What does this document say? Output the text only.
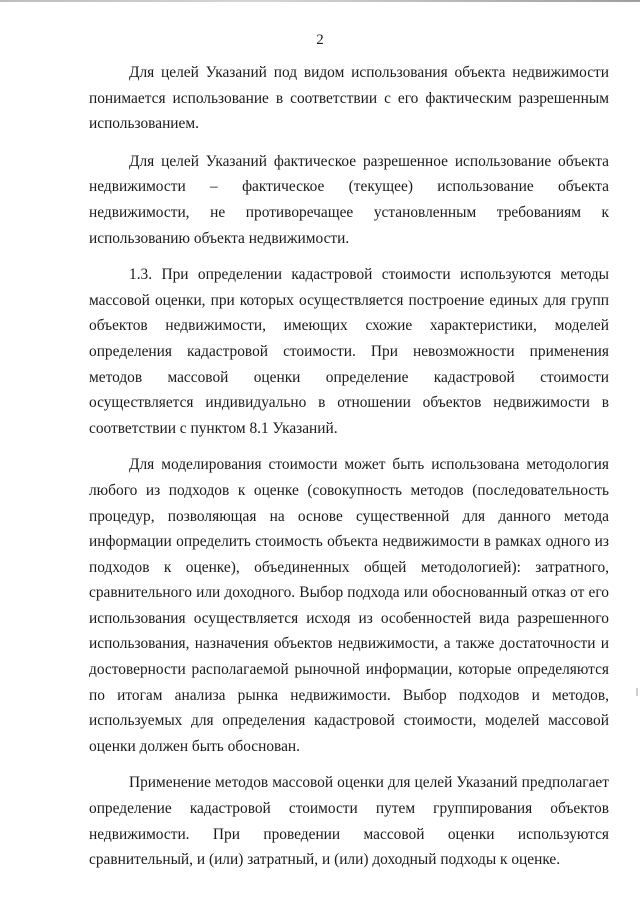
2

Для целей Указаний под видом использования объекта недвижимости понимается использование в соответствии с его фактическим разрешенным использованием.

Для целей Указаний фактическое разрешенное использование объекта недвижимости – фактическое (текущее) использование объекта недвижимости, не противоречащее установленным требованиям к использованию объекта недвижимости.

1.3. При определении кадастровой стоимости используются методы массовой оценки, при которых осуществляется построение единых для групп объектов недвижимости, имеющих схожие характеристики, моделей определения кадастровой стоимости. При невозможности применения методов массовой оценки определение кадастровой стоимости осуществляется индивидуально в отношении объектов недвижимости в соответствии с пунктом 8.1 Указаний.

Для моделирования стоимости может быть использована методология любого из подходов к оценке (совокупность методов (последовательность процедур, позволяющая на основе существенной для данного метода информации определить стоимость объекта недвижимости в рамках одного из подходов к оценке), объединенных общей методологией): затратного, сравнительного или доходного. Выбор подхода или обоснованный отказ от его использования осуществляется исходя из особенностей вида разрешенного использования, назначения объектов недвижимости, а также достаточности и достоверности располагаемой рыночной информации, которые определяются по итогам анализа рынка недвижимости. Выбор подходов и методов, используемых для определения кадастровой стоимости, моделей массовой оценки должен быть обоснован.

Применение методов массовой оценки для целей Указаний предполагает определение кадастровой стоимости путем группирования объектов недвижимости. При проведении массовой оценки используются сравнительный, и (или) затратный, и (или) доходный подходы к оценке.
